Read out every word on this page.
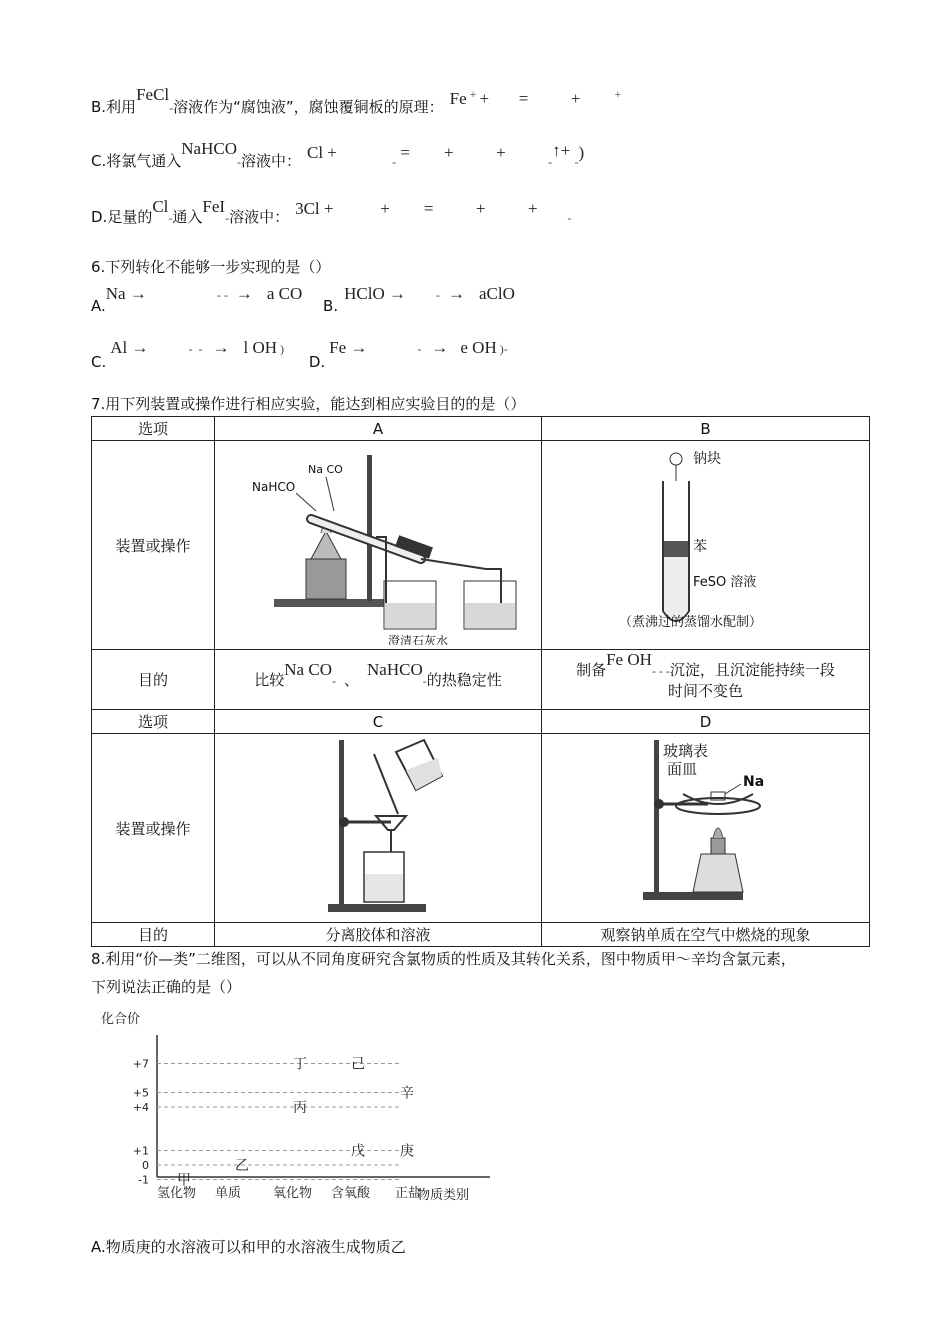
B.利用FeCl-溶液作为“腐蚀液”，腐蚀覆铜板的原理： Fe + +       =          +        +
C.将氯气通入NaHCO-溶液中： Cl +             - =        +          +          -↑+ -)
D.足量的Cl-通入FeI-溶液中： 3Cl +           +        =          +          +       -
6.下列转化不能够一步实现的是（）
A.Na →	- - → a CO B.HClO →	- → aClO
C.Al →	-  - → l OH ) D.Fe →	- → e OH )-
7.用下列装置或操作进行相应实验，能达到相应实验目的的是（）
选项	A	B
装置或操作	NaHCO
Na CO
澄清石灰水	钠块
苯
FeSO 溶液
（煮沸过的蒸馏水配制）

目的	比较Na CO- 、NaHCO-的热稳定性	制备Fe OH- - -沉淀，且沉淀能持续一段
时间不变色
选项	C	D
装置或操作		玻璃表
面皿
Na

目的	分离胶体和溶液	观察钠单质在空气中燃烧的现象
8.利用“价—类”二维图，可以从不同角度研究含氯物质的性质及其转化关系，图中物质甲～辛均含氯元素，
下列说法正确的是（）
化合价
物质类别
+7
+5
+4
+1
0
-1
氢化物 单质 氧化物 含氧酸 正盐
甲
乙
丙
丁
戊
己
庚
辛
A.物质庚的水溶液可以和甲的水溶液生成物质乙
